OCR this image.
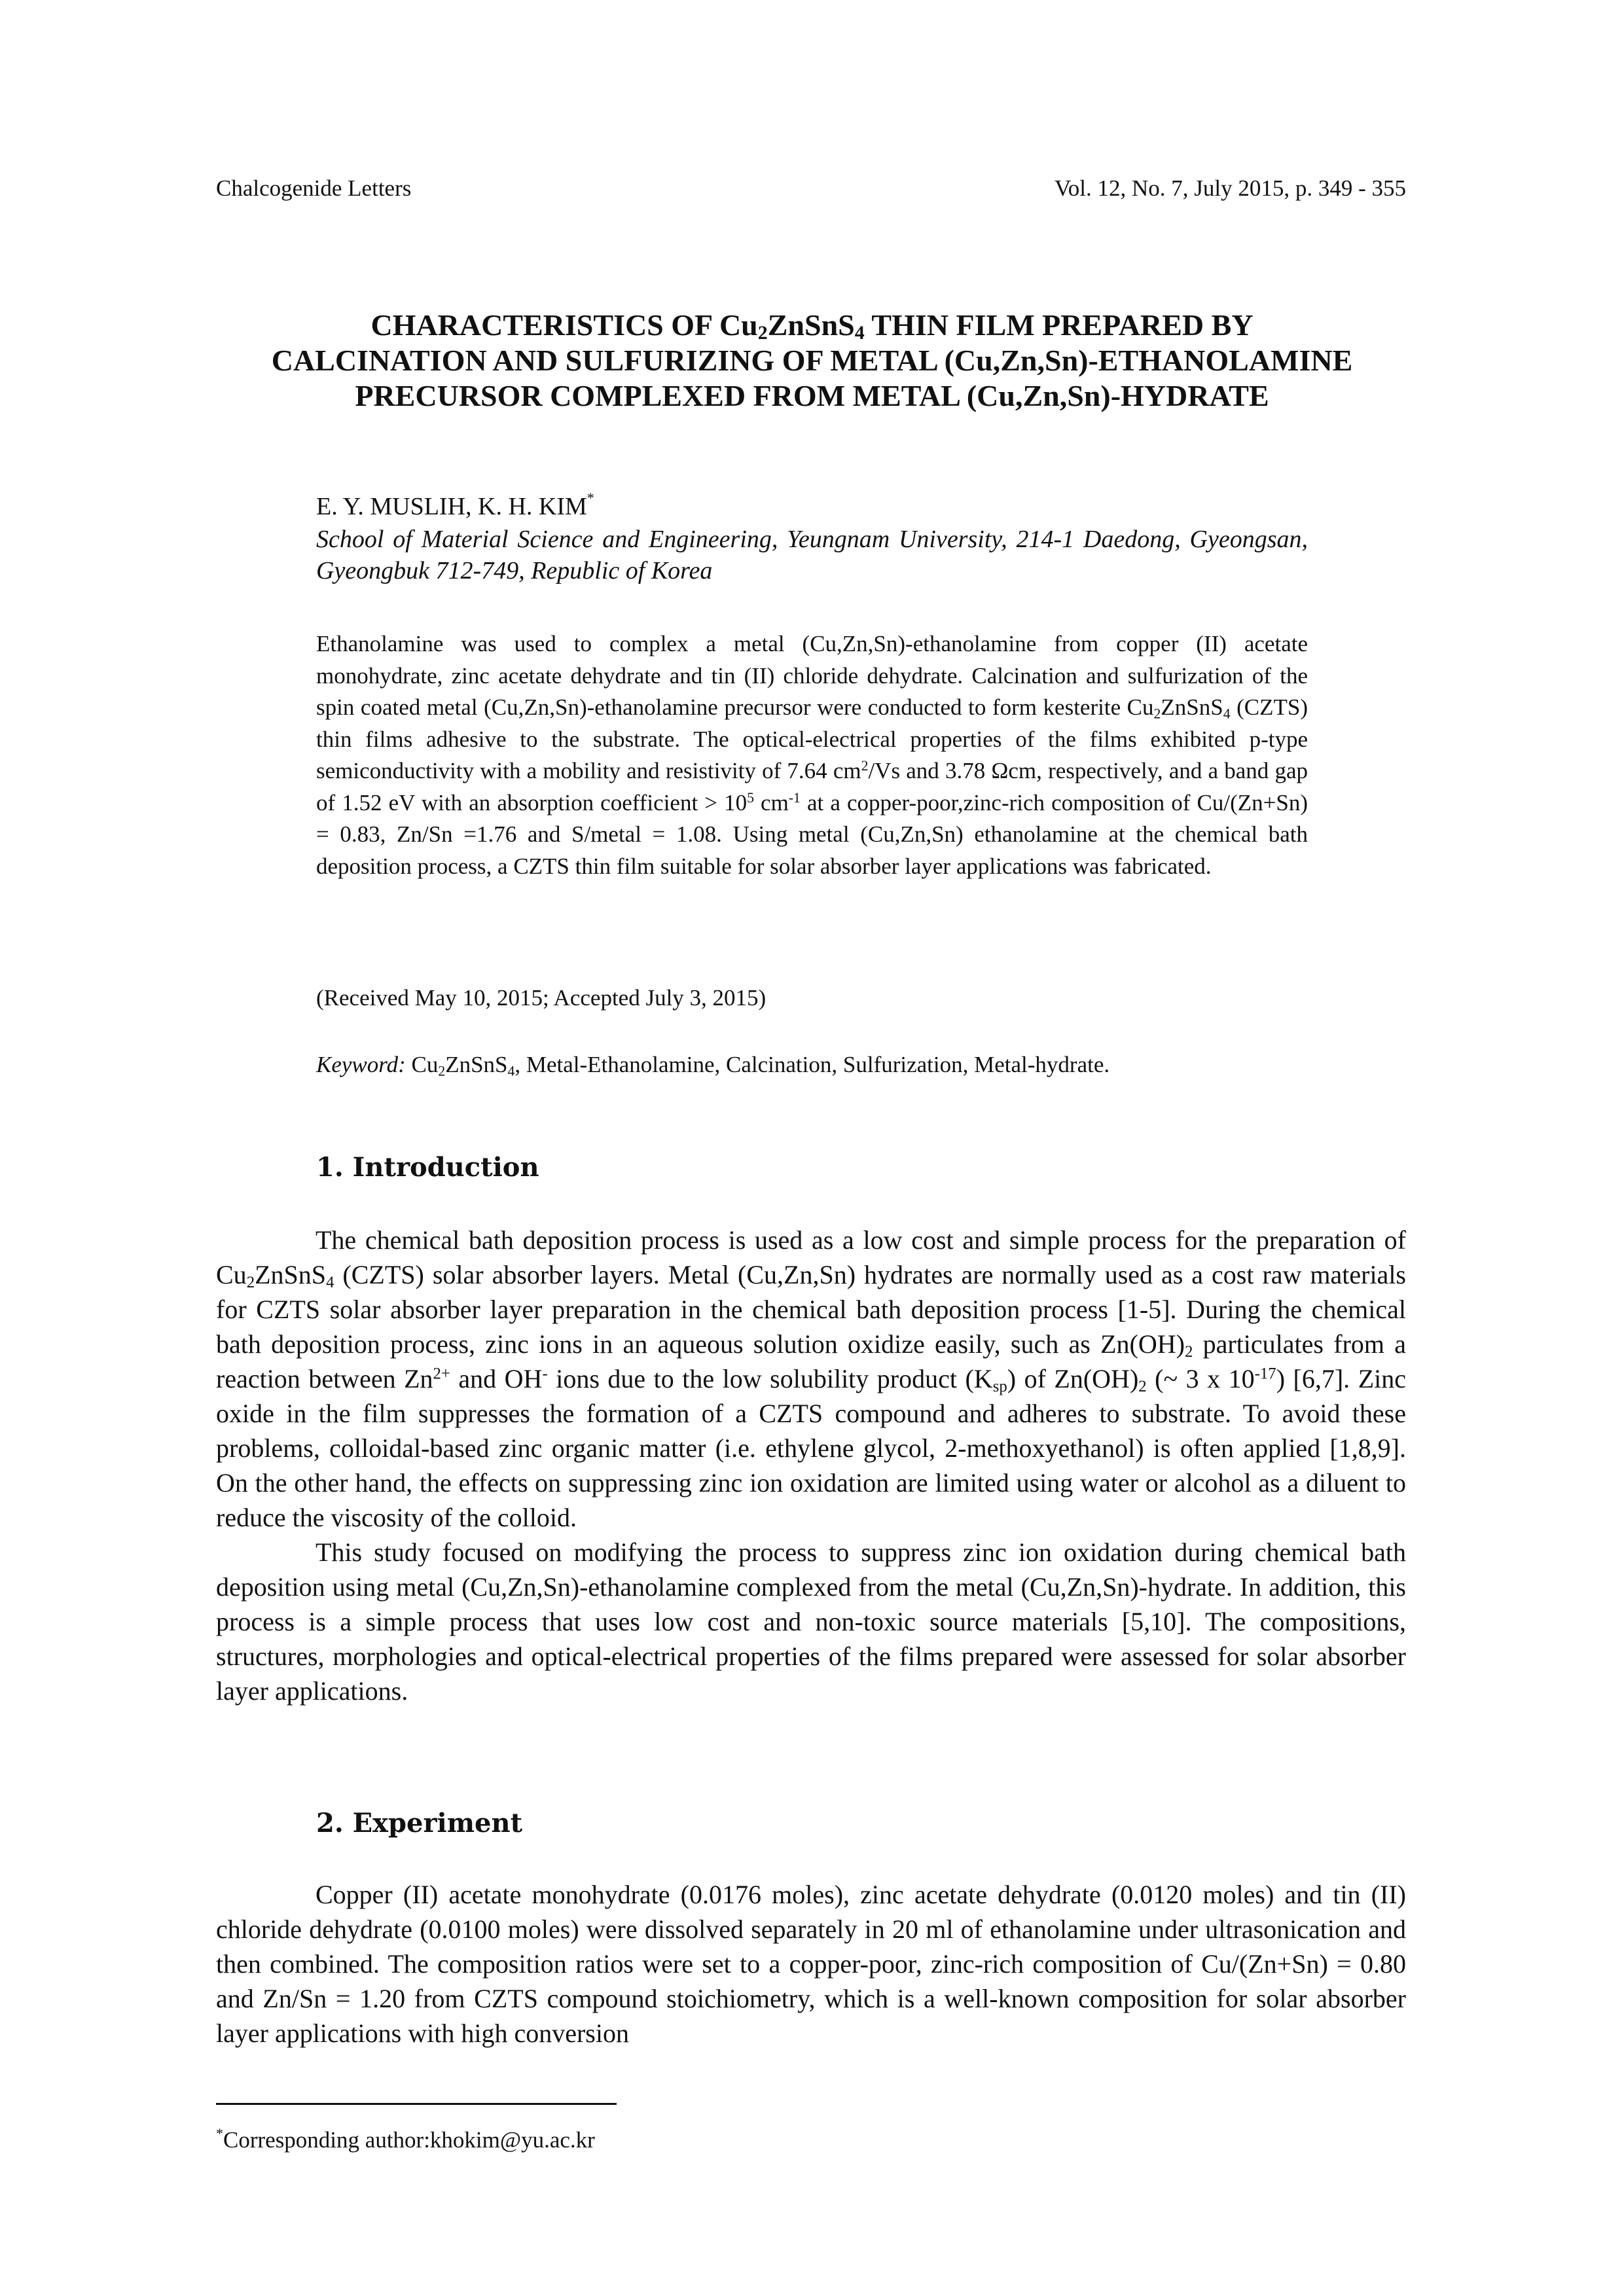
Chalcogenide Letters	Vol. 12, No. 7, July 2015, p. 349 - 355
CHARACTERISTICS OF $Cu_2ZnSnS_4$ THIN FILM PREPARED BY
CALCINATION AND SULFURIZING OF METAL (Cu,Zn,Sn)-ETHANOLAMINE
PRECURSOR COMPLEXED FROM METAL (Cu,Zn,Sn)-HYDRATE
E. Y. MUSLIH, K. H. KIM*
School of Material Science and Engineering, Yeungnam University, 214-1 Daedong, Gyeongsan, Gyeongbuk 712-749, Republic of Korea

Ethanolamine was used to complex a metal (Cu,Zn,Sn)-ethanolamine from copper (II) acetate monohydrate, zinc acetate dehydrate and tin (II) chloride dehydrate. Calcination and sulfurization of the spin coated metal (Cu,Zn,Sn)-ethanolamine precursor were conducted to form kesterite $Cu_2ZnSnS_4$ (CZTS) thin films adhesive to the substrate. The optical-electrical properties of the films exhibited p-type semiconductivity with a mobility and resistivity of 7.64 $cm^2/Vs$ and 3.78 Ωcm, respectively, and a band gap of 1.52 eV with an absorption coefficient > $10^5$ $cm^{-1}$ at a copper-poor,zinc-rich composition of Cu/(Zn+Sn) = 0.83, Zn/Sn =1.76 and S/metal = 1.08. Using metal (Cu,Zn,Sn) ethanolamine at the chemical bath deposition process, a CZTS thin film suitable for solar absorber layer applications was fabricated.

(Received May 10, 2015; Accepted July 3, 2015)
Keyword: $Cu_2ZnSnS_4$, Metal-Ethanolamine, Calcination, Sulfurization, Metal-hydrate.
1. Introduction

The chemical bath deposition process is used as a low cost and simple process for the preparation of $Cu_2ZnSnS_4$ (CZTS) solar absorber layers. Metal (Cu,Zn,Sn) hydrates are normally used as a cost raw materials for CZTS solar absorber layer preparation in the chemical bath deposition process [1-5]. During the chemical bath deposition process, zinc ions in an aqueous solution oxidize easily, such as $Zn(OH)_2$ particulates from a reaction between $Zn^{2+}$ and OH- ions due to the low solubility product $(K_{sp})$ of $Zn(OH)_2$ (~ 3 x $10^{-17}$) [6,7]. Zinc oxide in the film suppresses the formation of a CZTS compound and adheres to substrate. To avoid these problems, colloidal-based zinc organic matter (i.e. ethylene glycol, 2-methoxyethanol) is often applied [1,8,9]. On the other hand, the effects on suppressing zinc ion oxidation are limited using water or alcohol as a diluent to reduce the viscosity of the colloid.

This study focused on modifying the process to suppress zinc ion oxidation during chemical bath deposition using metal (Cu,Zn,Sn)-ethanolamine complexed from the metal (Cu,Zn,Sn)-hydrate. In addition, this process is a simple process that uses low cost and non-toxic source materials [5,10]. The compositions, structures, morphologies and optical-electrical properties of the films prepared were assessed for solar absorber layer applications.

2. Experiment

Copper (II) acetate monohydrate (0.0176 moles), zinc acetate dehydrate (0.0120 moles) and tin (II) chloride dehydrate (0.0100 moles) were dissolved separately in 20 ml of ethanolamine under ultrasonication and then combined. The composition ratios were set to a copper-poor, zinc-rich composition of Cu/(Zn+Sn) = 0.80 and Zn/Sn = 1.20 from CZTS compound stoichiometry, which is a well-known composition for solar absorber layer applications with high conversion

*Corresponding author:khokim@yu.ac.kr
